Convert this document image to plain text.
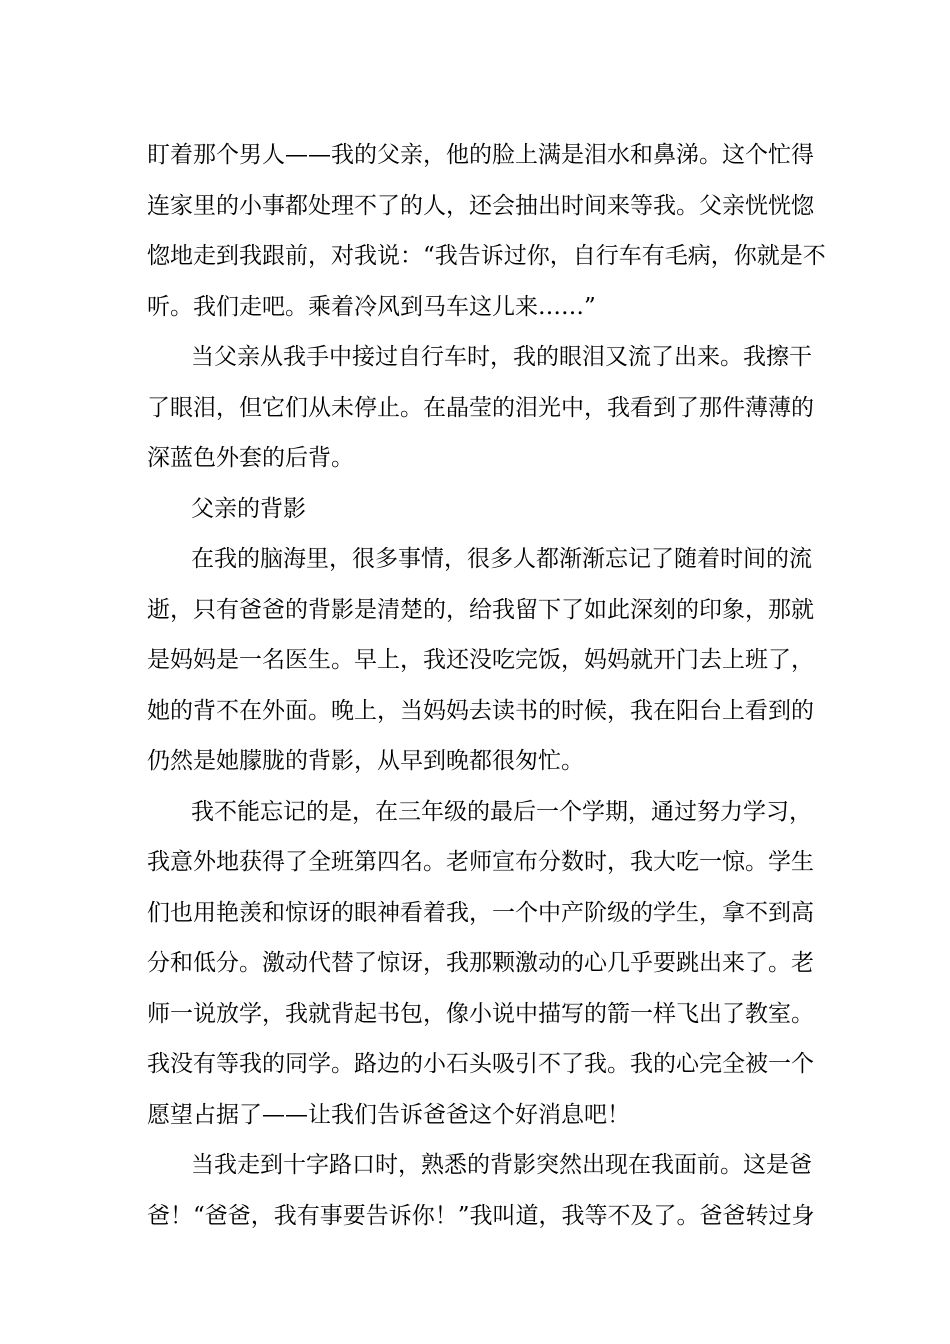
盯着那个男人——我的父亲，他的脸上满是泪水和鼻涕。这个忙得
连家里的小事都处理不了的人，还会抽出时间来等我。父亲恍恍惚
惚地走到我跟前，对我说：“我告诉过你，自行车有毛病，你就是不
听。我们走吧。乘着冷风到马车这儿来……”
当父亲从我手中接过自行车时，我的眼泪又流了出来。我擦干
了眼泪，但它们从未停止。在晶莹的泪光中，我看到了那件薄薄的
深蓝色外套的后背。
父亲的背影
在我的脑海里，很多事情，很多人都渐渐忘记了随着时间的流
逝，只有爸爸的背影是清楚的，给我留下了如此深刻的印象，那就
是妈妈是一名医生。早上，我还没吃完饭，妈妈就开门去上班了，
她的背不在外面。晚上，当妈妈去读书的时候，我在阳台上看到的
仍然是她朦胧的背影，从早到晚都很匆忙。
我不能忘记的是，在三年级的最后一个学期，通过努力学习，
我意外地获得了全班第四名。老师宣布分数时，我大吃一惊。学生
们也用艳羡和惊讶的眼神看着我，一个中产阶级的学生，拿不到高
分和低分。激动代替了惊讶，我那颗激动的心几乎要跳出来了。老
师一说放学，我就背起书包，像小说中描写的箭一样飞出了教室。
我没有等我的同学。路边的小石头吸引不了我。我的心完全被一个
愿望占据了——让我们告诉爸爸这个好消息吧！
当我走到十字路口时，熟悉的背影突然出现在我面前。这是爸
爸！“爸爸，我有事要告诉你！”我叫道，我等不及了。爸爸转过身
